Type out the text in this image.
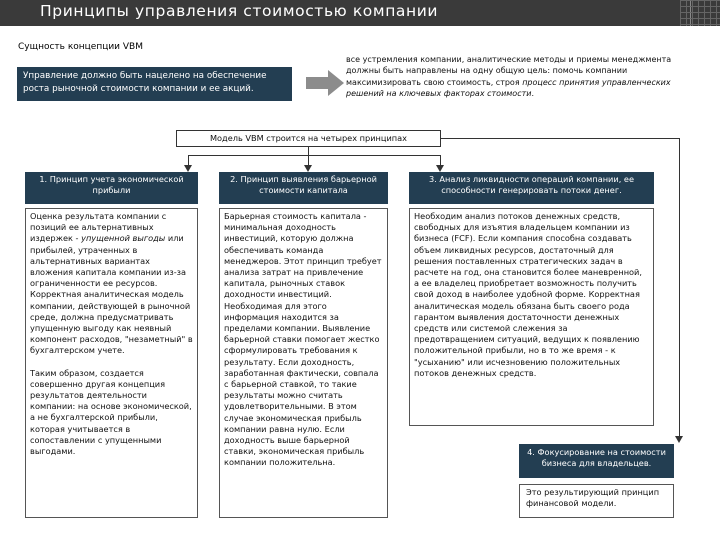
Принципы управления стоимостью компании
Сущность концепции VBM
Управление должно быть нацелено на обеспечение роста рыночной стоимости компании и ее акций.
все устремления компании, аналитические методы и приемы менеджмента должны быть направлены на одну общую цель: помочь компании максимизировать свою стоимость, строя процесс принятия управленческих решений на ключевых факторах стоимости.
Модель VBM строится на четырех принципах
1. Принцип учета экономической прибыли
Оценка результата компании с позиций ее альтернативных издержек - упущенной выгоды или прибылей, утраченных в альтернативных вариантах вложения капитала компании из-за ограниченности ее ресурсов. Корректная аналитическая модель компании, действующей в рыночной среде, должна предусматривать упущенную выгоду как неявный компонент расходов, "незаметный" в бухгалтерском учете.
Таким образом, создается совершенно другая концепция результатов деятельности компании: на основе экономической, а не бухгалтерской прибыли, которая учитывается в сопоставлении с упущенными выгодами.
2. Принцип выявления барьерной стоимости капитала
Барьерная стоимость капитала - минимальная доходность инвестиций, которую должна обеспечивать команда менеджеров. Этот принцип требует анализа затрат на привлечение капитала, рыночных ставок доходности инвестиций. Необходимая для этого информация находится за пределами компании. Выявление барьерной ставки помогает жестко сформулировать требования к результату. Если доходность, заработанная фактически, совпала с барьерной ставкой, то такие результаты можно считать удовлетворительными. В этом случае экономическая прибыль компании равна нулю. Если доходность выше барьерной ставки, экономическая прибыль компании положительна.
3. Анализ ликвидности операций компании, ее способности генерировать потоки денег.
Необходим анализ потоков денежных средств, свободных для изъятия владельцем компании из бизнеса (FCF). Если компания способна создавать объем ликвидных ресурсов, достаточный для решения поставленных стратегических задач в расчете на год, она становится более маневренной, а ее владелец приобретает возможность получить свой доход в наиболее удобной форме. Корректная аналитическая модель обязана быть своего рода гарантом выявления достаточности денежных средств или системой слежения за предотвращением ситуаций, ведущих к появлению положительной прибыли, но в то же время - к "усыханию" или исчезновению положительных потоков денежных средств.
4. Фокусирование на стоимости бизнеса для владельцев.
Это результирующий принцип финансовой модели.
